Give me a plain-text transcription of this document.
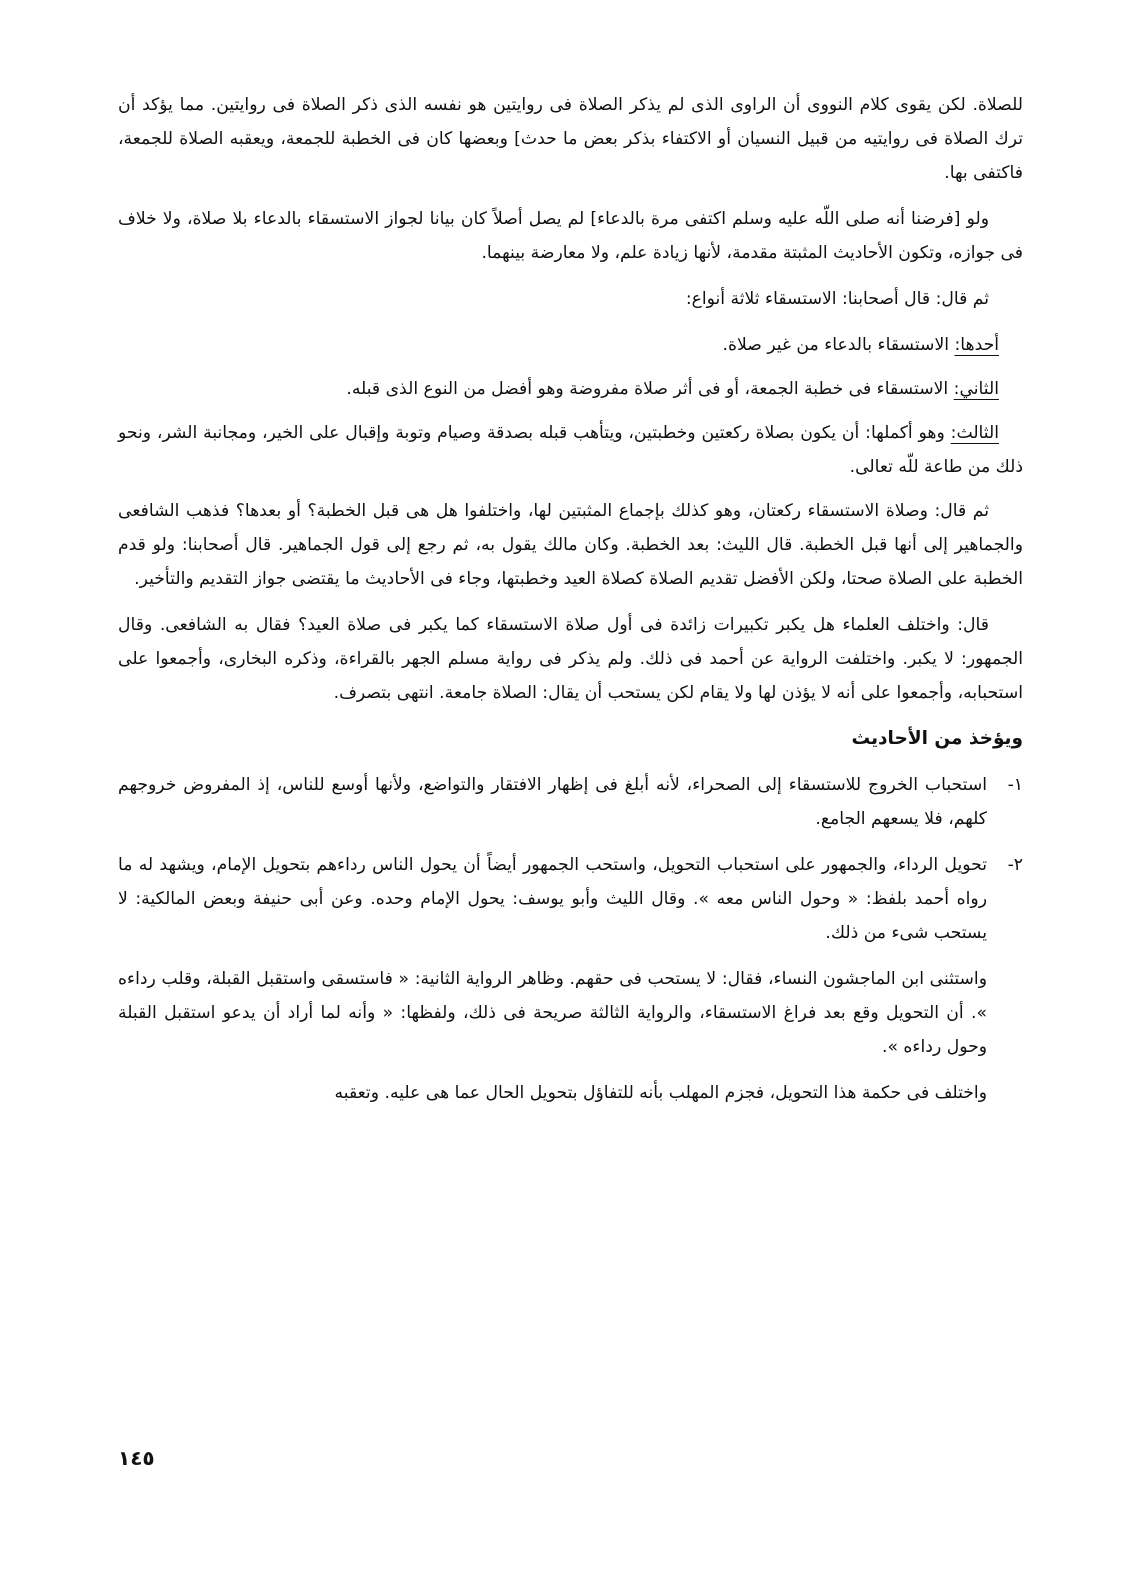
للصلاة. لكن يقوى كلام النووى أن الراوى الذى لم يذكر الصلاة فى روايتين هو نفسه الذى ذكر الصلاة فى روايتين. مما يؤكد أن ترك الصلاة فى روايتيه من قبيل النسيان أو الاكتفاء بذكر بعض ما حدث] وبعضها كان فى الخطبة للجمعة، ويعقبه الصلاة للجمعة، فاكتفى بها.

ولو [فرضنا أنه صلى اللّه عليه وسلم اكتفى مرة بالدعاء] لم يصل أصلاً كان بيانا لجواز الاستسقاء بالدعاء بلا صلاة، ولا خلاف فى جوازه، وتكون الأحاديث المثبتة مقدمة، لأنها زيادة علم، ولا معارضة بينهما.

ثم قال: قال أصحابنا: الاستسقاء ثلاثة أنواع:

أحدها: الاستسقاء بالدعاء من غير صلاة.

الثاني: الاستسقاء فى خطبة الجمعة، أو فى أثر صلاة مفروضة وهو أفضل من النوع الذى قبله.

الثالث: وهو أكملها: أن يكون بصلاة ركعتين وخطبتين، ويتأهب قبله بصدقة وصيام وتوبة وإقبال على الخير، ومجانبة الشر، ونحو ذلك من طاعة للّه تعالى.

ثم قال: وصلاة الاستسقاء ركعتان، وهو كذلك بإجماع المثبتين لها، واختلفوا هل هى قبل الخطبة؟ أو بعدها؟ فذهب الشافعى والجماهير إلى أنها قبل الخطبة. قال الليث: بعد الخطبة. وكان مالك يقول به، ثم رجع إلى قول الجماهير. قال أصحابنا: ولو قدم الخطبة على الصلاة صحتا، ولكن الأفضل تقديم الصلاة كصلاة العيد وخطبتها، وجاء فى الأحاديث ما يقتضى جواز التقديم والتأخير.

قال: واختلف العلماء هل يكبر تكبيرات زائدة فى أول صلاة الاستسقاء كما يكبر فى صلاة العيد؟ فقال به الشافعى. وقال الجمهور: لا يكبر. واختلفت الرواية عن أحمد فى ذلك. ولم يذكر فى رواية مسلم الجهر بالقراءة، وذكره البخارى، وأجمعوا على استحبابه، وأجمعوا على أنه لا يؤذن لها ولا يقام لكن يستحب أن يقال: الصلاة جامعة. انتهى بتصرف.

ويؤخذ من الأحاديث
١-
استحباب الخروج للاستسقاء إلى الصحراء، لأنه أبلغ فى إظهار الافتقار والتواضع، ولأنها أوسع للناس، إذ المفروض خروجهم كلهم، فلا يسعهم الجامع.
٢-
تحويل الرداء، والجمهور على استحباب التحويل، واستحب الجمهور أيضاً أن يحول الناس رداءهم بتحويل الإمام، ويشهد له ما رواه أحمد بلفظ: « وحول الناس معه ». وقال الليث وأبو يوسف: يحول الإمام وحده. وعن أبى حنيفة وبعض المالكية: لا يستحب شىء من ذلك.

واستثنى ابن الماجشون النساء، فقال: لا يستحب فى حقهم. وظاهر الرواية الثانية: « فاستسقى واستقبل القبلة، وقلب رداءه ». أن التحويل وقع بعد فراغ الاستسقاء، والرواية الثالثة صريحة فى ذلك، ولفظها: « وأنه لما أراد أن يدعو استقبل القبلة وحول رداءه ».

واختلف فى حكمة هذا التحويل، فجزم المهلب بأنه للتفاؤل بتحويل الحال عما هى عليه. وتعقبه

١٤٥
